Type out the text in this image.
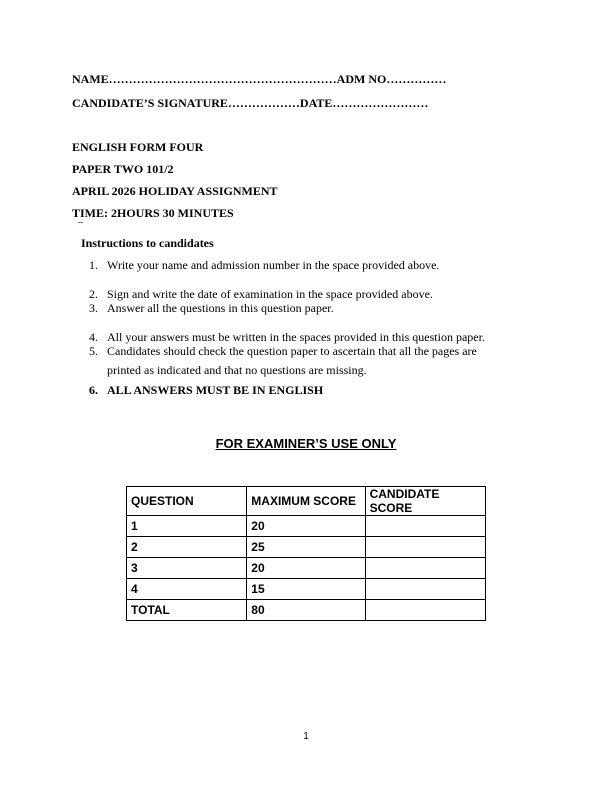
NAME…………………………………………………ADM NO……………
CANDIDATE’S SIGNATURE………………DATE……………………
ENGLISH FORM FOUR
PAPER TWO 101/2
APRIL 2026 HOLIDAY ASSIGNMENT
TIME: 2HOURS 30 MINUTES
–
Instructions to candidates
1. Write your name and admission number in the space provided above.
2. Sign and write the date of examination in the space provided above.
3. Answer all the questions in this question paper.
4. All your answers must be written in the spaces provided in this question paper.
5. Candidates should check the question paper to ascertain that all the pages are
printed as indicated and that no questions are missing.
6. ALL ANSWERS MUST BE IN ENGLISH
FOR EXAMINER’S USE ONLY
QUESTION	MAXIMUM SCORE	CANDIDATE SCORE
1	20	
2	25	
3	20	
4	15	
TOTAL	80	
1
